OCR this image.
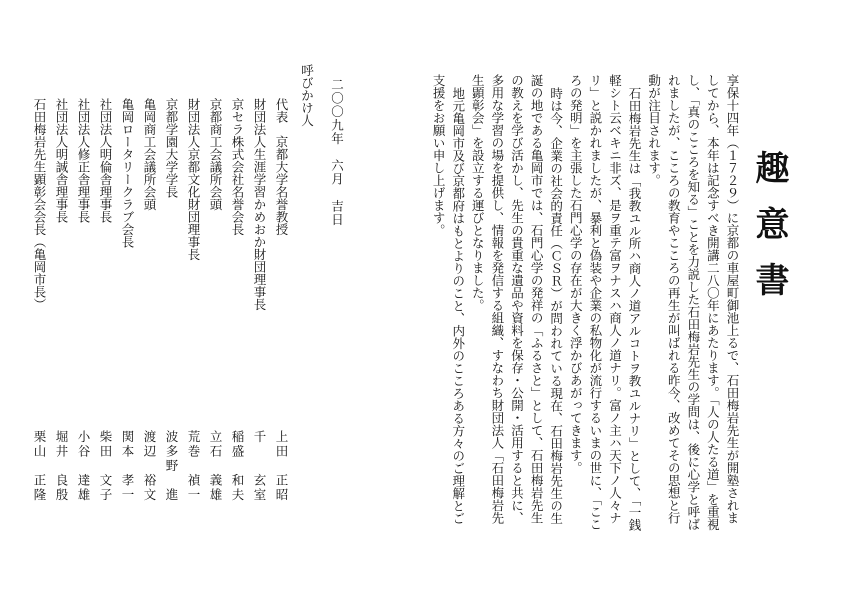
趣意書

享保十四年（１７２９）に京都の車屋町御池上るで、石田梅岩先生が開塾されましてから、本年は記念すべき開講二八〇年にあたります。「人の人たる道」を重視し、「真のこころを知る」ことを力説した石田梅岩先生の学問は、後に心学と呼ばれましたが、こころの教育やこころの再生が叫ばれる昨今、改めてその思想と行動が注目されます。

石田梅岩先生は「我教ユル所ハ商人ノ道アルコトヲ教ユルナリ」として、「一銭軽シト云ベキニ非ズ、是ヲ重テ富ヲナスハ商人ノ道ナリ。富ノ主ハ天下ノ人々ナリ」と説かれましたが、暴利と偽装や企業の私物化が流行するいまの世に、「こころの発明」を主張した石門心学の存在が大きく浮かびあがってきます。

時は今、企業の社会的責任（ＣＳＲ）が問われている現在、石田梅岩先生の生誕の地である亀岡市では、石門心学の発祥の「ふるさと」として、石田梅岩先生の教えを学び活かし、先生の貴重な遺品や資料を保存・公開・活用すると共に、多用な学習の場を提供し、情報を発信する組織、すなわち財団法人「石田梅岩先生顕彰会」を設立する運びとなりました。

地元亀岡市及び京都府はもとよりのこと、内外のこころある方々のご理解とご支援をお願い申し上げます。

二〇〇九年　六月　吉日
呼びかけ人
代表　京都大学名誉教授
上田　正昭
財団法人生涯学習かめおか財団理事長
千　　玄室
京セラ株式会社名誉会長
稲盛　和夫
京都商工会議所会頭
立石　義雄
財団法人京都文化財団理事長
荒巻　禎一
京都学園大学学長
波多野　進
亀岡商工会議所会頭
渡辺　裕文
亀岡ロータリークラブ会長
関本　孝一
社団法人明倫舎理事長
柴田　文子
社団法人修正舎理事長
小谷　達雄
社団法人明誠舎理事長
堀井　良殷
石田梅岩先生顕彰会会長（亀岡市長）
栗山　正隆
